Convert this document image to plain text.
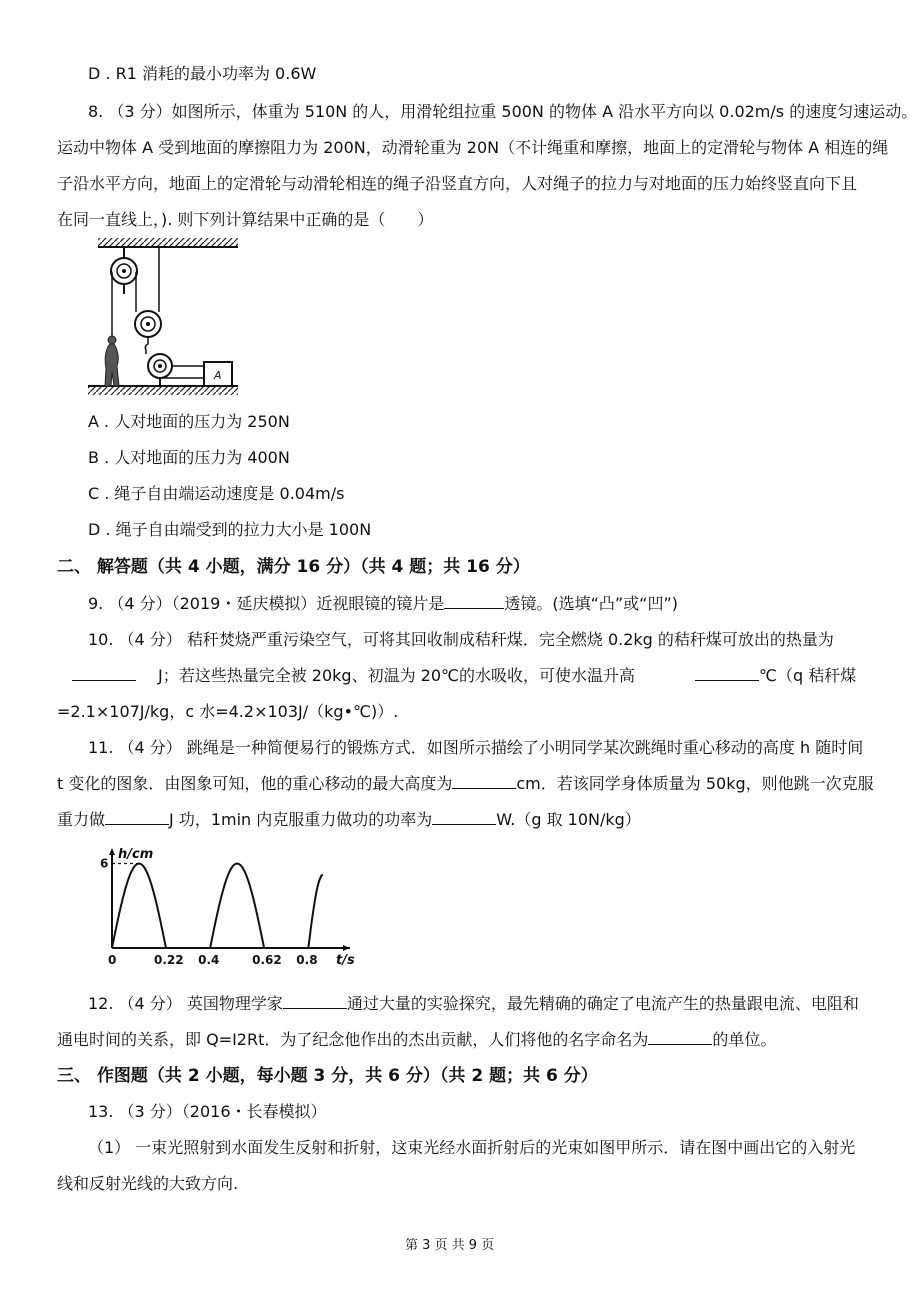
D . R1 消耗的最小功率为 0.6W
8. （3 分）如图所示，体重为 510N 的人，用滑轮组拉重 500N 的物体 A 沿水平方向以 0.02m/s 的速度匀速运动。
运动中物体 A 受到地面的摩擦阻力为 200N，动滑轮重为 20N（不计绳重和摩擦，地面上的定滑轮与物体 A 相连的绳
子沿水平方向，地面上的定滑轮与动滑轮相连的绳子沿竖直方向，人对绳子的拉力与对地面的压力始终竖直向下且
在同一直线上，). 则下列计算结果中正确的是（　　）
A
A . 人对地面的压力为 250N
B . 人对地面的压力为 400N
C . 绳子自由端运动速度是 0.04m/s
D . 绳子自由端受到的拉力大小是 100N
二、 解答题（共 4 小题，满分 16 分）（共 4 题；共 16 分）
9. （4 分）（2019・延庆模拟）近视眼镜的镜片是	透镜。(选填“凸”或“凹”)
10. （4 分） 秸秆焚烧严重污染空气，可将其回收制成秸秆煤．完全燃烧 0.2kg 的秸秆煤可放出的热量为
J；若这些热量完全被 20kg、初温为 20℃的水吸收，可使水温升高	℃（q 秸秆煤
=2.1×107J/kg，c 水=4.2×103J/（kg•℃)）.
11. （4 分） 跳绳是一种简便易行的锻炼方式．如图所示描绘了小明同学某次跳绳时重心移动的高度 h 随时间
t 变化的图象．由图象可知，他的重心移动的最大高度为	cm．若该同学身体质量为 50kg，则他跳一次克服
重力做	J 功，1min 内克服重力做功的功率为	W.（g 取 10N/kg）
h/cm
t/s
6
0	0.22 0.4	0.62 0.8
12. （4 分） 英国物理学家	通过大量的实验探究，最先精确的确定了电流产生的热量跟电流、电阻和
通电时间的关系，即 Q=I2Rt．为了纪念他作出的杰出贡献，人们将他的名字命名为	的单位。
三、 作图题（共 2 小题，每小题 3 分，共 6 分）（共 2 题；共 6 分）
13. （3 分）（2016・长春模拟）
（1） 一束光照射到水面发生反射和折射，这束光经水面折射后的光束如图甲所示．请在图中画出它的入射光
线和反射光线的大致方向.
第 3 页 共 9 页
